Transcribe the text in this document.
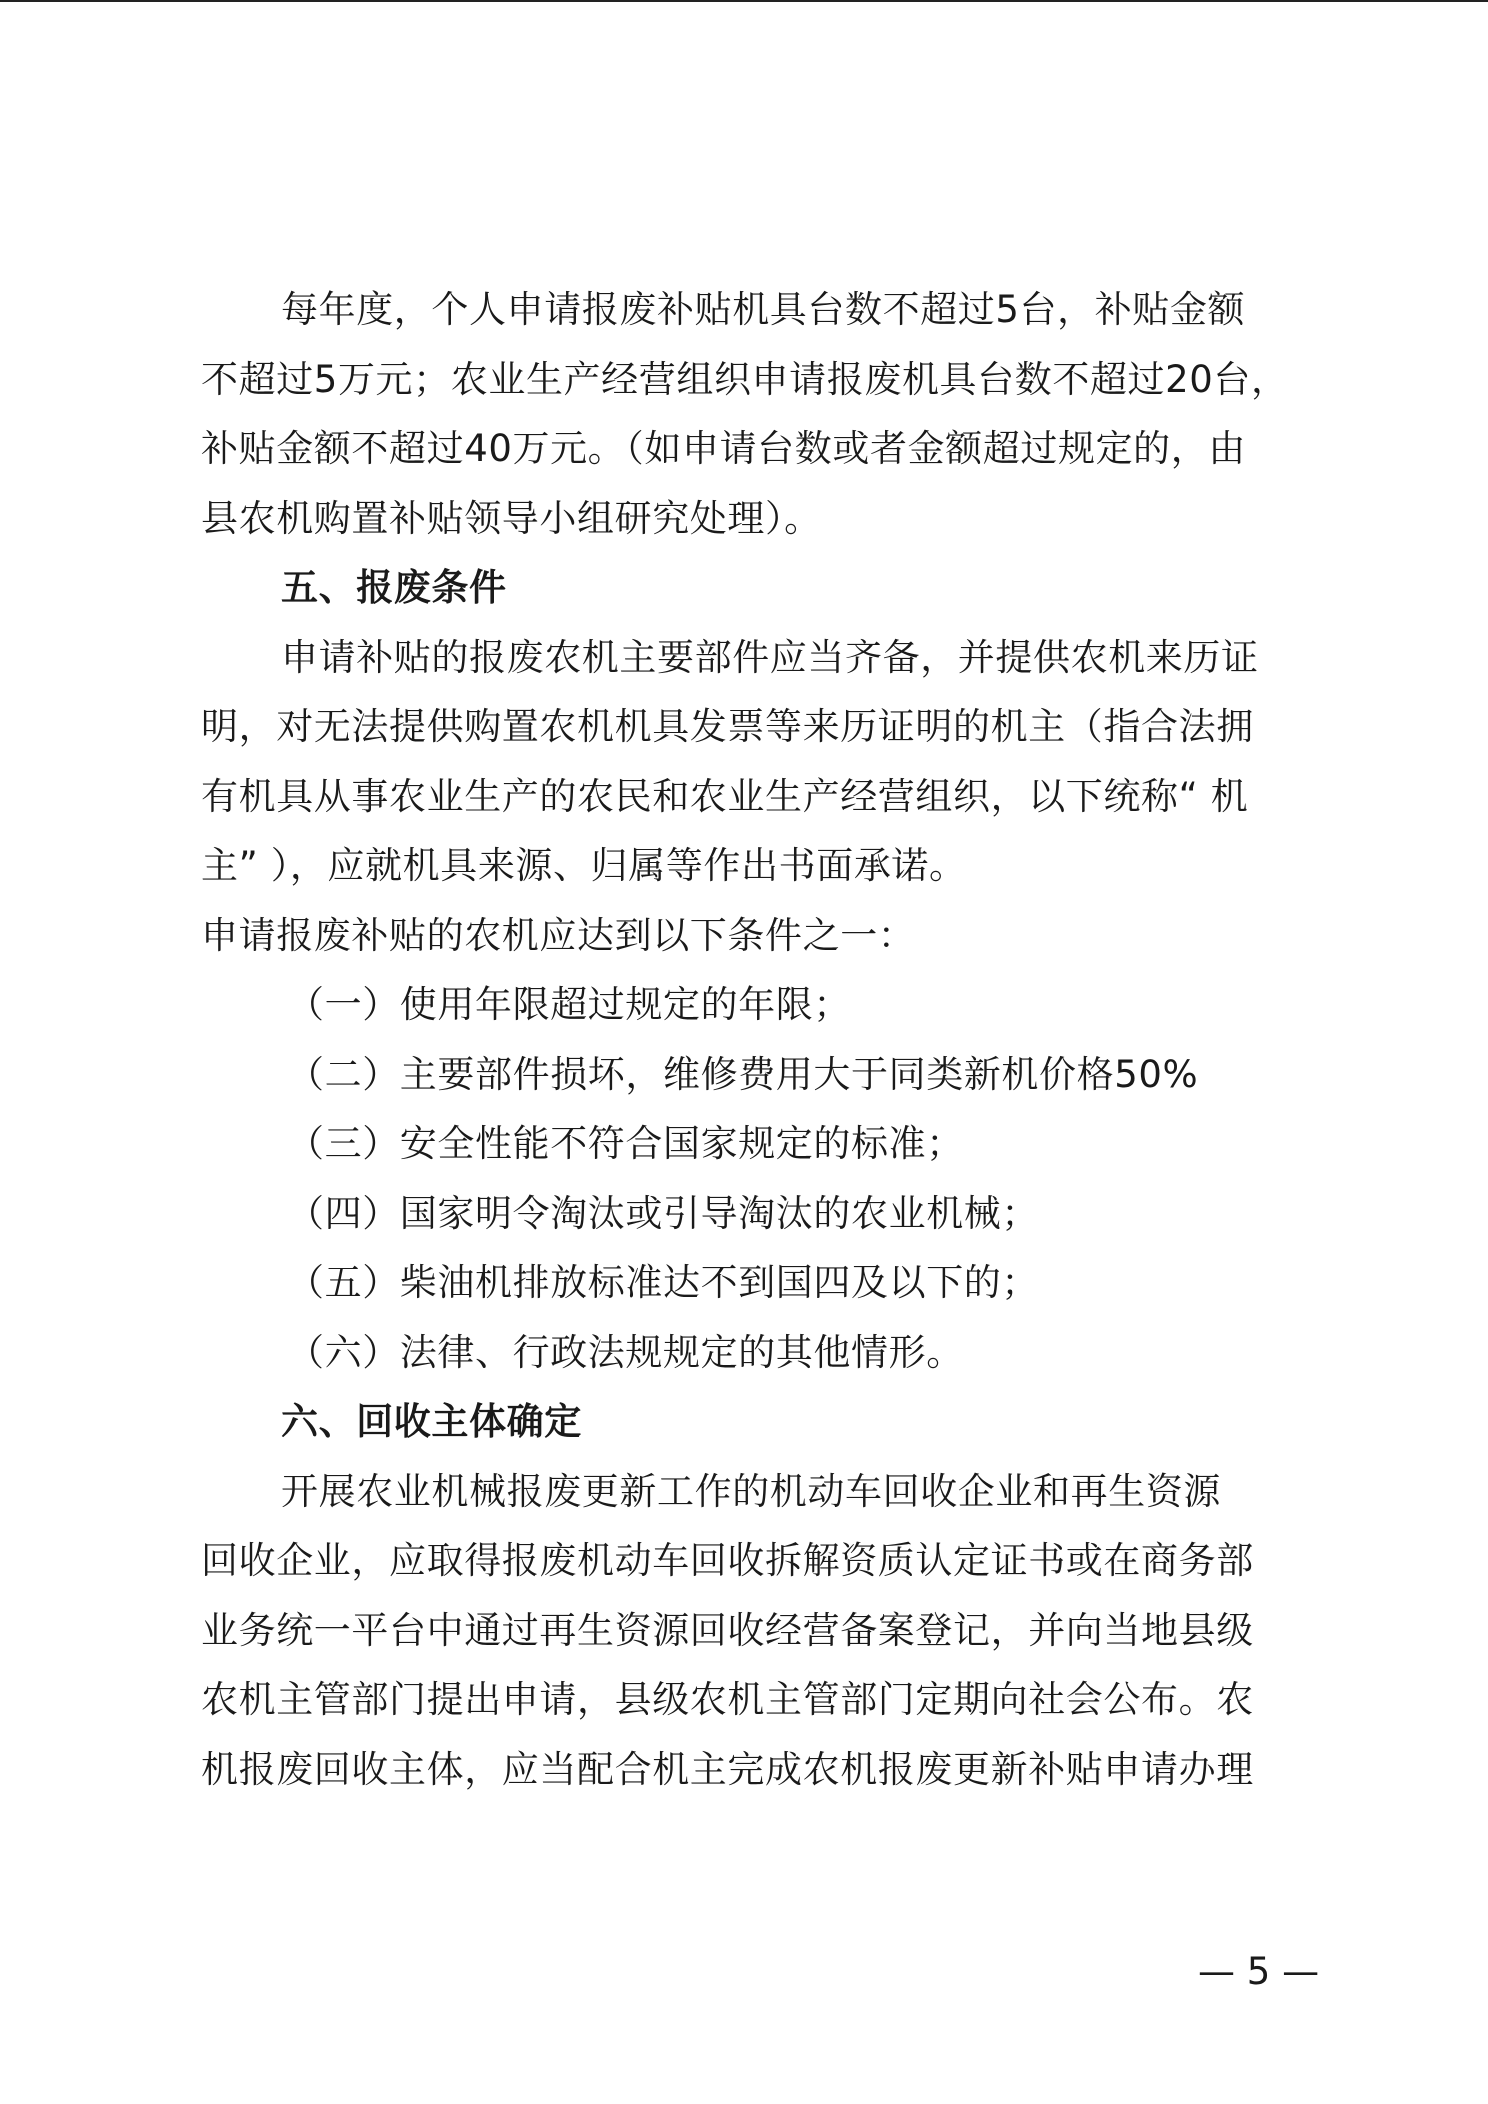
每年度，个人申请报废补贴机具台数不超过5台，补贴金额

不超过5万元；农业生产经营组织申请报废机具台数不超过20台，

补贴金额不超过40万元。（如申请台数或者金额超过规定的，由

县农机购置补贴领导小组研究处理）。

五、报废条件

申请补贴的报废农机主要部件应当齐备，并提供农机来历证

明，对无法提供购置农机机具发票等来历证明的机主（指合法拥

有机具从事农业生产的农民和农业生产经营组织，以下统称“ 机

主” ），应就机具来源、归属等作出书面承诺。

申请报废补贴的农机应达到以下条件之一：

（一）使用年限超过规定的年限；

（二）主要部件损坏，维修费用大于同类新机价格50%

（三）安全性能不符合国家规定的标准；

（四）国家明令淘汰或引导淘汰的农业机械；

（五）柴油机排放标准达不到国四及以下的；

（六）法律、行政法规规定的其他情形。

六、回收主体确定

开展农业机械报废更新工作的机动车回收企业和再生资源

回收企业，应取得报废机动车回收拆解资质认定证书或在商务部

业务统一平台中通过再生资源回收经营备案登记，并向当地县级

农机主管部门提出申请，县级农机主管部门定期向社会公布。农

机报废回收主体，应当配合机主完成农机报废更新补贴申请办理

— 5 —
